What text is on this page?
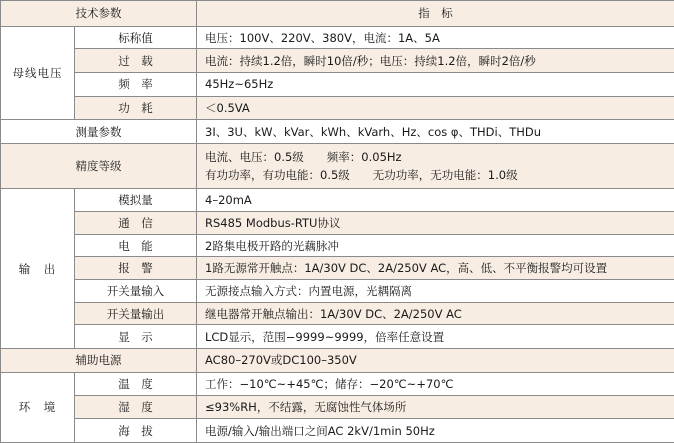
技术参数		指　标
母线电压	标称值	电压：100V、220V、380V，电流：1A、5A
	过　载	电流：持续1.2倍，瞬时10倍/秒；电压：持续1.2倍，瞬时2倍/秒
	频　率	45Hz~65Hz
	功　耗	＜0.5VA
测量参数		3I、3U、kW、kVar、kWh、kVarh、Hz、cos φ、THDi、THDu
精度等级		电流、电压：0.5级　　频率：0.05Hz
有功功率，有功电能：0.5级　　无功功率，无功电能：1.0级

输　出	模拟量	4–20mA
	通　信	RS485 Modbus-RTU协议
	电　能	2路集电极开路的光藕脉冲
	报　警	1路无源常开触点：1A/30V DC、2A/250V AC，高、低、不平衡报警均可设置
	开关量输入	无源接点输入方式：内置电源，光耦隔离
	开关量输出	继电器常开触点输出：1A/30V DC、2A/250V AC
	显　示	LCD显示，范围−9999~9999，倍率任意设置
辅助电源		AC80–270V或DC100–350V
环　境	温　度	工作：−10℃~+45℃；储存：−20℃~+70℃
	湿　度	≤93%RH，不结露，无腐蚀性气体场所
	海　拔	电源/输入/输出端口之间AC 2kV/1min 50Hz
